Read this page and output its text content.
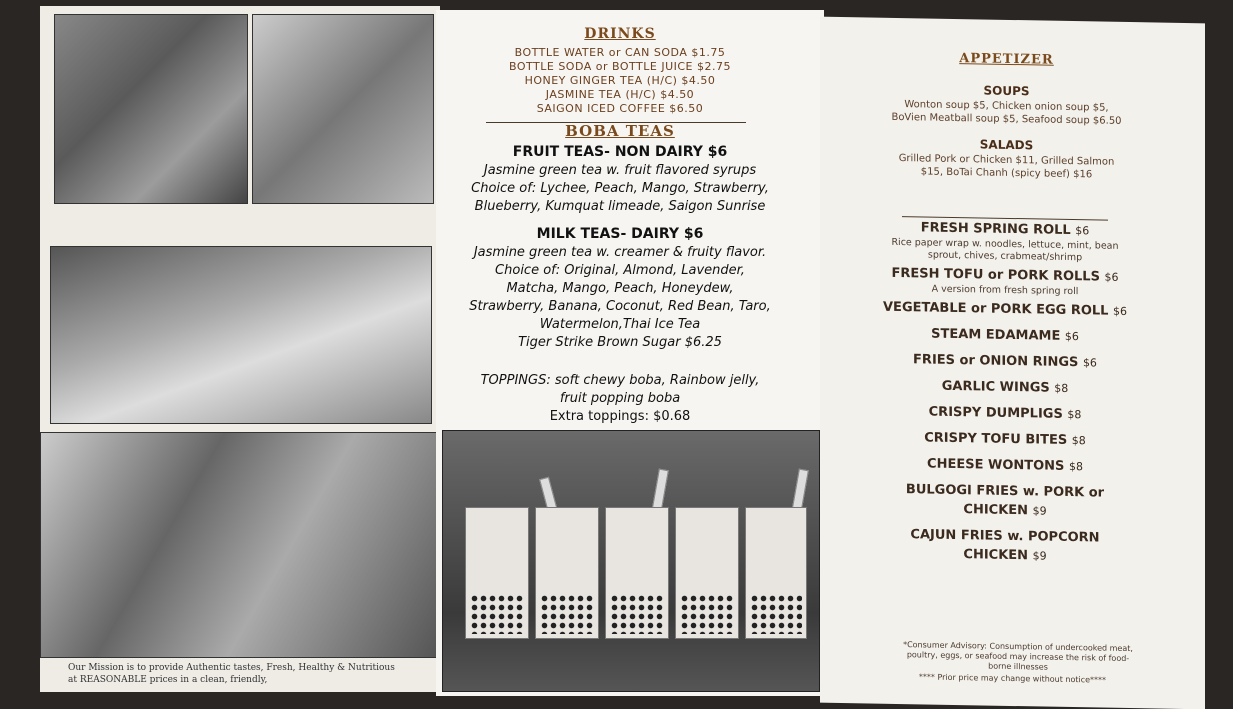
Our Mission is to provide Authentic tastes, Fresh, Healthy & Nutritious at REASONABLE prices in a clean, friendly,
DRINKS
BOTTLE WATER or CAN SODA $1.75
BOTTLE SODA or BOTTLE JUICE $2.75
HONEY GINGER TEA (H/C) $4.50
JASMINE TEA (H/C) $4.50
SAIGON ICED COFFEE $6.50
BOBA TEAS
FRUIT TEAS- NON DAIRY $6
Jasmine green tea w. fruit flavored syrups
Choice of: Lychee, Peach, Mango, Strawberry,
Blueberry, Kumquat limeade, Saigon Sunrise
MILK TEAS- DAIRY $6
Jasmine green tea w. creamer & fruity flavor.
Choice of: Original, Almond, Lavender,
Matcha, Mango, Peach, Honeydew,
Strawberry, Banana, Coconut, Red Bean, Taro,
Watermelon,Thai Ice Tea
Tiger Strike Brown Sugar $6.25
TOPPINGS: soft chewy boba, Rainbow jelly,
fruit popping boba
Extra toppings: $0.68
APPETIZER
SOUPS
Wonton soup $5, Chicken onion soup $5,
BoVien Meatball soup $5, Seafood soup $6.50
SALADS
Grilled Pork or Chicken $11, Grilled Salmon
$15, BoTai Chanh (spicy beef) $16
FRESH SPRING ROLL $6
Rice paper wrap w. noodles, lettuce, mint, bean sprout, chives, crabmeat/shrimp
FRESH TOFU or PORK ROLLS $6
A version from fresh spring roll
VEGETABLE or PORK EGG ROLL $6
STEAM EDAMAME $6
FRIES or ONION RINGS $6
GARLIC WINGS $8
CRISPY DUMPLIGS $8
CRISPY TOFU BITES $8
CHEESE WONTONS $8
BULGOGI FRIES w. PORK or CHICKEN $9
CAJUN FRIES w. POPCORN CHICKEN $9
*Consumer Advisory: Consumption of undercooked meat, poultry, eggs, or seafood may increase the risk of food-borne illnesses
**** Prior price may change without notice****
